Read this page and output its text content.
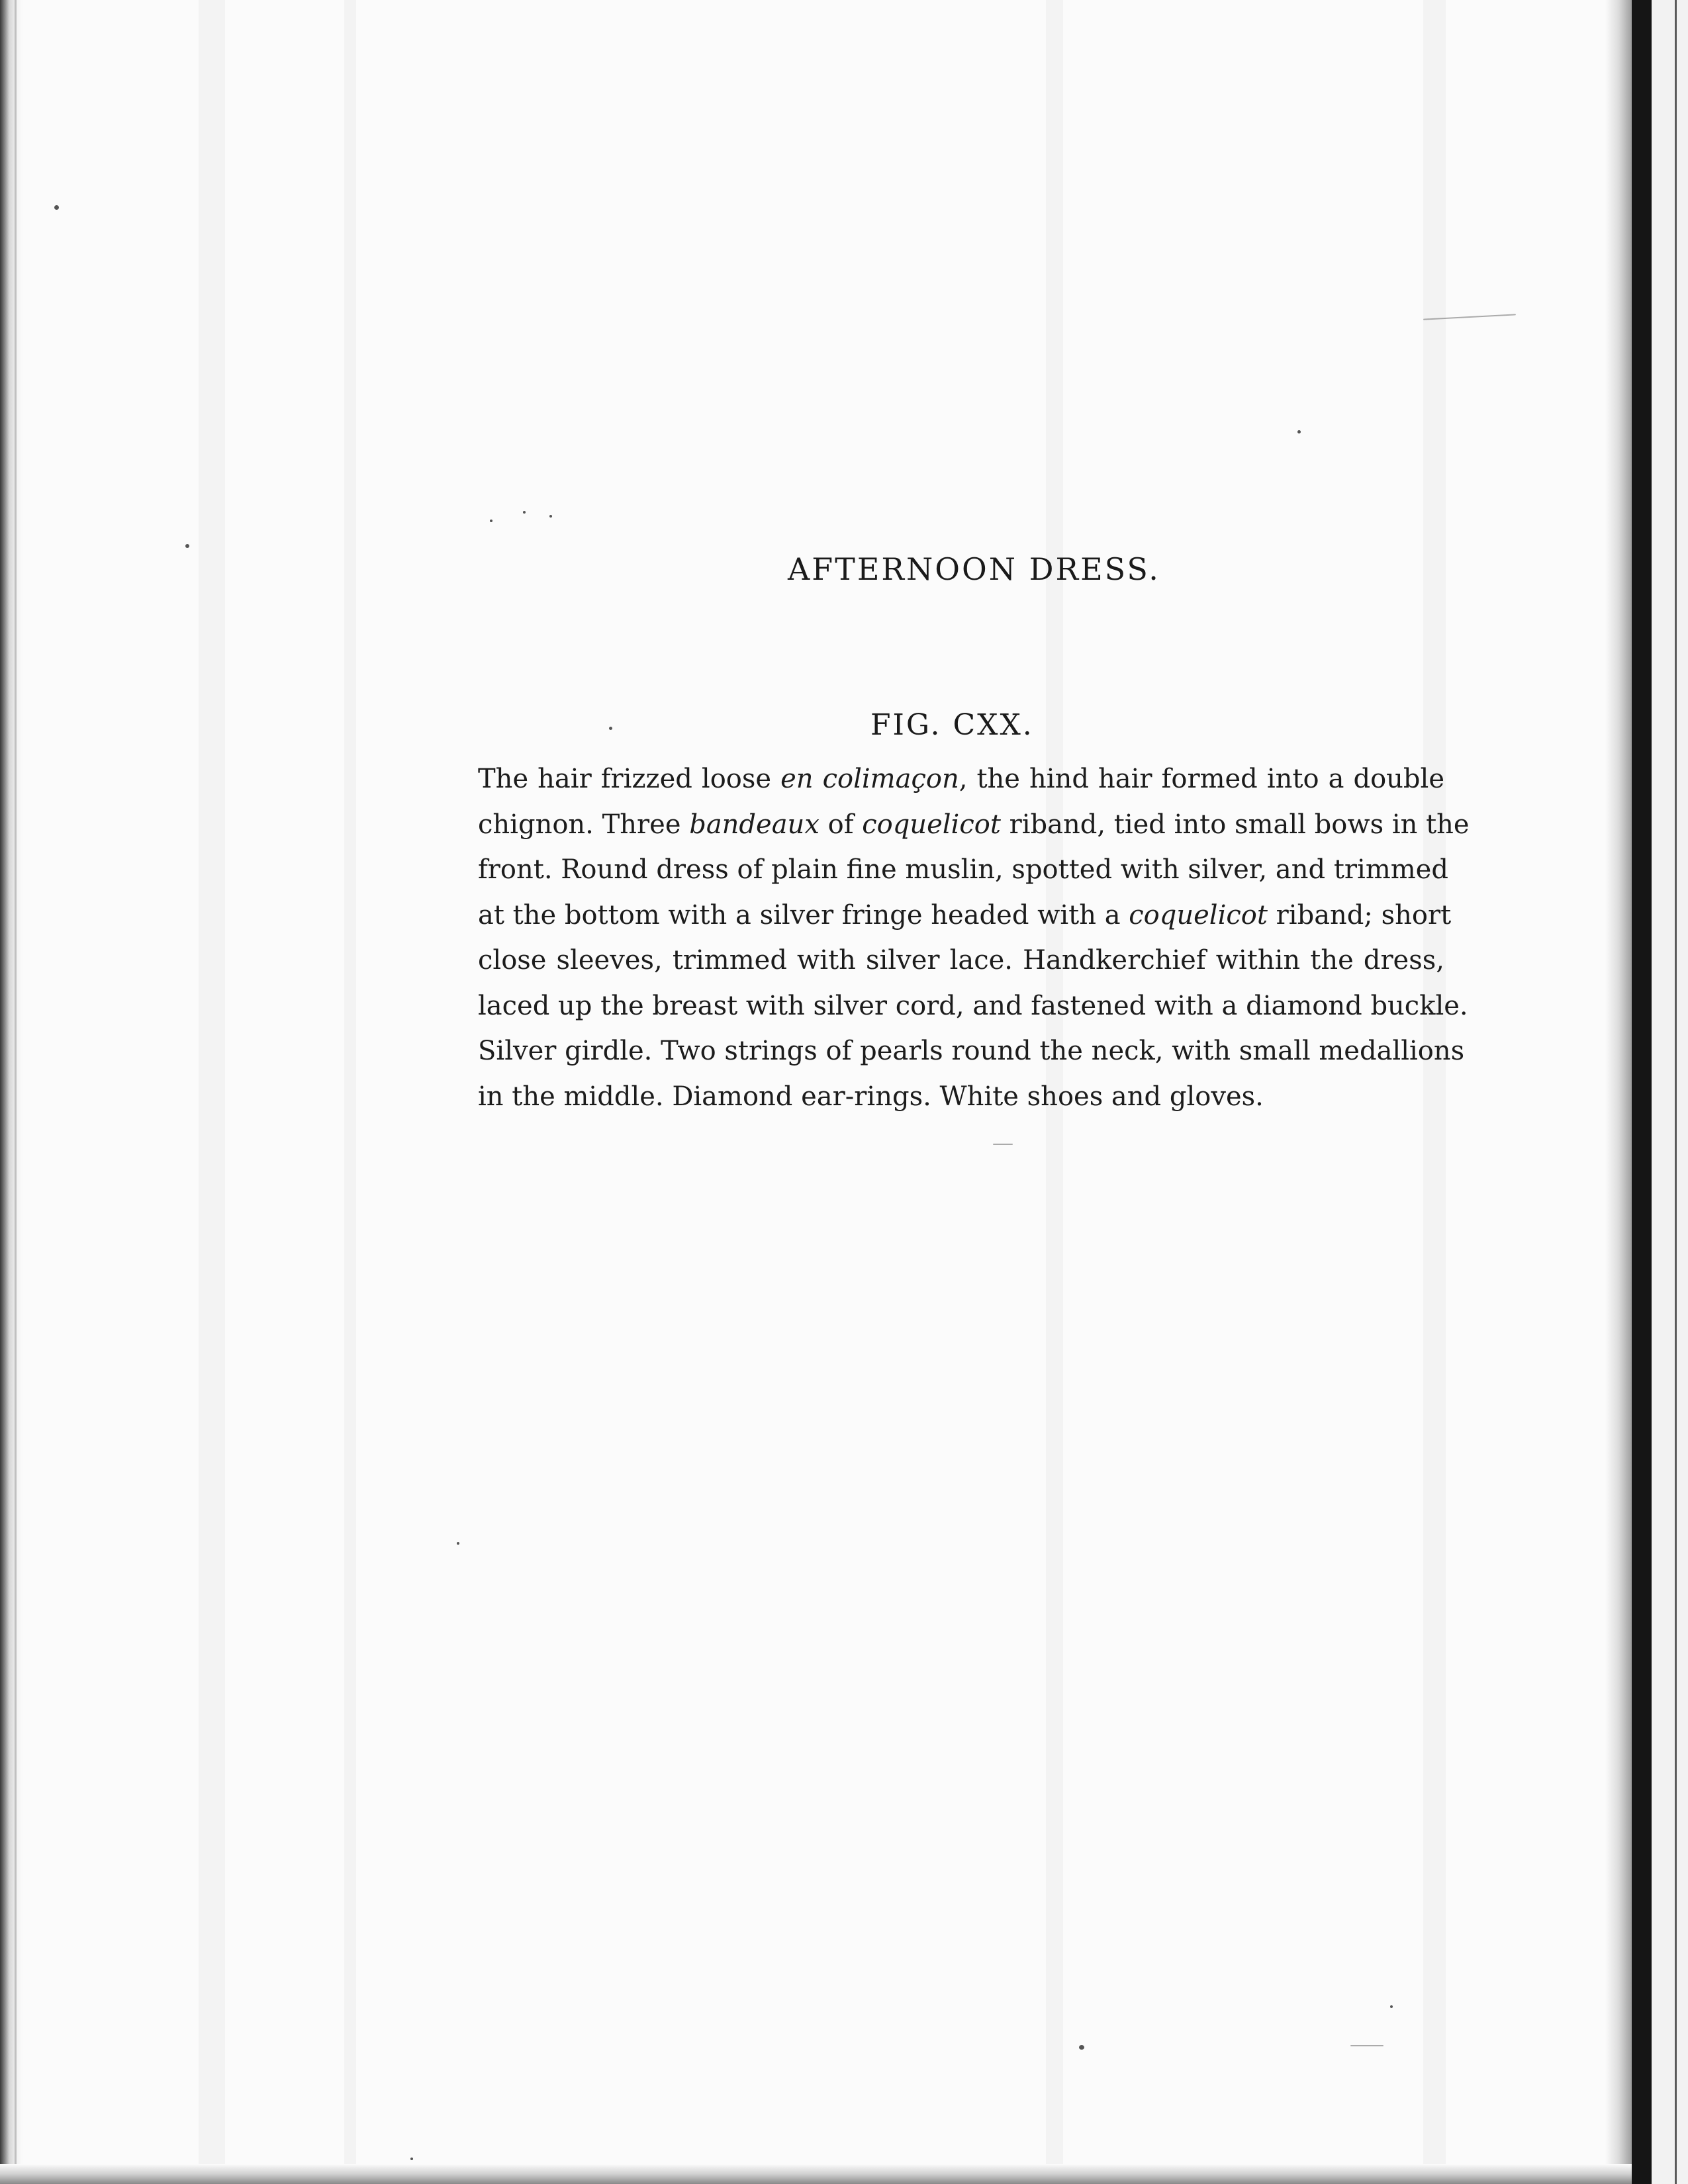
AFTERNOON DRESS.
FIG. CXX.
The hair frizzed loose en colimaçon, the hind hair formed into a double
chignon. Three bandeaux of coquelicot riband, tied into small bows in the
front. Round dress of plain fine muslin, spotted with silver, and trimmed
at the bottom with a silver fringe headed with a coquelicot riband; short
close sleeves, trimmed with silver lace. Handkerchief within the dress,
laced up the breast with silver cord, and fastened with a diamond buckle.
Silver girdle. Two strings of pearls round the neck, with small medallions
in the middle. Diamond ear-rings. White shoes and gloves.
